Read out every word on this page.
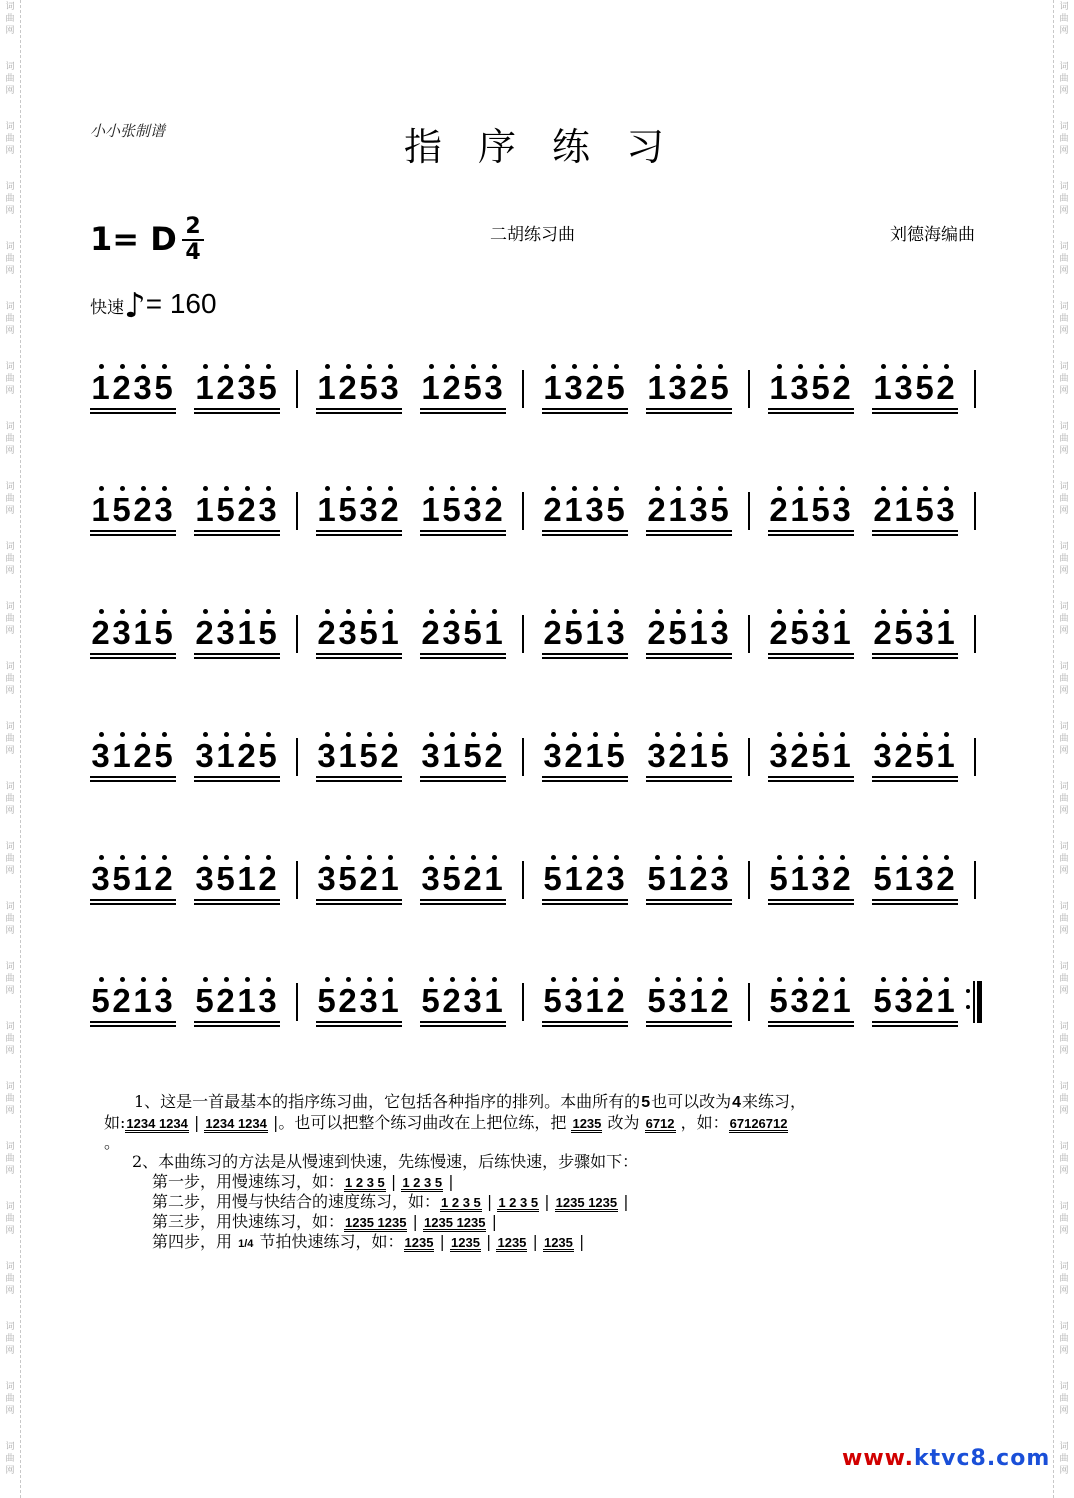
词
曲
网
词
曲
网
词
曲
网
词
曲
网
词
曲
网
词
曲
网
词
曲
网
词
曲
网
词
曲
网
词
曲
网
词
曲
网
词
曲
网
词
曲
网
词
曲
网
词
曲
网
词
曲
网
词
曲
网
词
曲
网
词
曲
网
词
曲
网
词
曲
网
词
曲
网
词
曲
网
词
曲
网
词
曲
网
词
曲
网
词
曲
网
词
曲
网
词
曲
网
词
曲
网
词
曲
网
词
曲
网
词
曲
网
词
曲
网
词
曲
网
词
曲
网
词
曲
网
词
曲
网
词
曲
网
词
曲
网
词
曲
网
词
曲
网
词
曲
网
词
曲
网
词
曲
网
词
曲
网
词
曲
网
词
曲
网
词
曲
网
词
曲
网
小小张制谱	指序练习
1= D 2
4
二胡练习曲	刘德海编曲
快速♪= 160
1 2 3 5 1 2 3 5 1 2 5 3 1 2 5 3 1 3 2 5 1 3 2 5 1 3 5 2 1 3 5 2
1 5 2 3 1 5 2 3 1 5 3 2 1 5 3 2 2 1 3 5 2 1 3 5 2 1 5 3 2 1 5 3
2 3 1 5 2 3 1 5 2 3 5 1 2 3 5 1 2 5 1 3 2 5 1 3 2 5 3 1 2 5 3 1
3 1 2 5 3 1 2 5 3 1 5 2 3 1 5 2 3 2 1 5 3 2 1 5 3 2 5 1 3 2 5 1
3 5 1 2 3 5 1 2 3 5 2 1 3 5 2 1 5 1 2 3 5 1 2 3 5 1 3 2 5 1 3 2
5 2 1 3 5 2 1 3 5 2 3 1 5 2 3 1 5 3 1 2 5 3 1 2 5 3 2 1 5 3 2 1
1、这是一首最基本的指序练习曲，它包括各种指序的排列。本曲所有的5也可以改为4来练习，
如:1234 1234 | 1234 1234 |。也可以把整个练习曲改在上把位练，把 1235 改为 6712 ，如：67126712
。
2、本曲练习的方法是从慢速到快速，先练慢速，后练快速，步骤如下：
第一步，用慢速练习，如：1 2 3 5 | 1 2 3 5 |
第二步，用慢与快结合的速度练习，如：1 2 3 5 | 1 2 3 5 | 1235 1235 |
第三步，用快速练习，如：1235 1235 | 1235 1235 |
第四步，用 1/4 节拍快速练习，如：1235 | 1235 | 1235 | 1235 |
www.ktvc8.com
